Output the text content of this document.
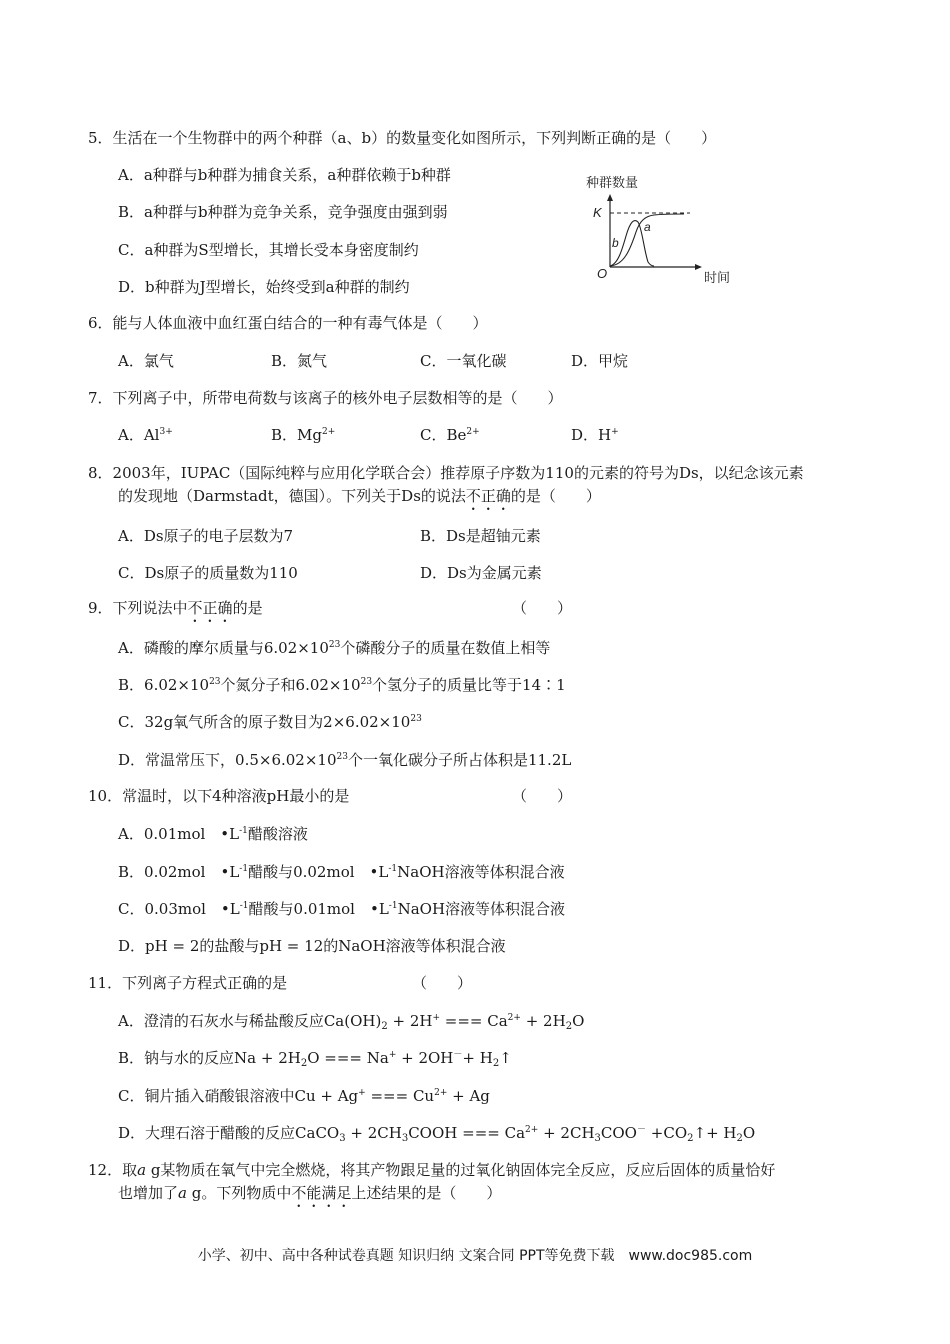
5．生活在一个生物群中的两个种群（a、b）的数量变化如图所示，下列判断正确的是（　　）
A．a种群与b种群为捕食关系，a种群依赖于b种群
B．a种群与b种群为竞争关系，竞争强度由强到弱
C．a种群为S型增长，其增长受本身密度制约
D．b种群为J型增长，始终受到a种群的制约
种群数量
K
O	时间
b
a
6．能与人体血液中血红蛋白结合的一种有毒气体是（　　）
A．氯气	B．氮气	C．一氧化碳	D．甲烷
7．下列离子中，所带电荷数与该离子的核外电子层数相等的是（　　）
A．$Al^{3+}$	B．$Mg^{2+}$	C．$Be^{2+}$	D．H+
8．2003年，IUPAC（国际纯粹与应用化学联合会）推荐原子序数为110的元素的符号为Ds，以纪念该元素
的发现地（Darmstadt，德国）。下列关于Ds的说法不正确的是（　　）
A．Ds原子的电子层数为7	B．Ds是超铀元素
C．Ds原子的质量数为110	D．Ds为金属元素
9．下列说法中不正确的是	（　　）
A．磷酸的摩尔质量与$6.02\times 10^{23}$个磷酸分子的质量在数值上相等
B．$6.02\times 10^{23}$个氮分子和$6.02\times 10^{23}$个氢分子的质量比等于14∶1
C．32g氧气所含的原子数目为$2\times 6.02\times 10^{23}$
D．常温常压下，$0.5\times 6.02\times 10^{23}$个一氧化碳分子所占体积是11.2L
10．常温时，以下4种溶液pH最小的是	（　　）
A．0.01mol　$•L^{-1}$醋酸溶液
B．0.02mol　$•L^{-1}$醋酸与0.02mol　$•L^{-1}NaOH$溶液等体积混合液
C．0.03mol　$•L^{-1}$醋酸与0.01mol　$•L^{-1}NaOH$溶液等体积混合液
D．pH = 2的盐酸与pH = 12的NaOH溶液等体积混合液
11．下列离子方程式正确的是	（　　）
A．澄清的石灰水与稀盐酸反应$Ca(OH)_2 + 2H^+$ === $Ca^{2+} + 2H_2O$
B．钠与水的反应$Na + 2H_2O$ === $Na^+ + 2OH^-+ H_2↑$
C．铜片插入硝酸银溶液中Cu + Ag+ === $Cu^{2+} + Ag$
D．大理石溶于醋酸的反应CaCO$_3$ + $2CH_3COOH$ === $Ca^{2+} + 2CH_3COO^-$ $+CO_2↑+ H_2O$
12．取a g某物质在氧气中完全燃烧，将其产物跟足量的过氧化钠固体完全反应，反应后固体的质量恰好
也增加了a g。下列物质中不能满足上述结果的是（　　）
小学、初中、高中各种试卷真题 知识归纳 文案合同 PPT等免费下载　www.doc985.com
